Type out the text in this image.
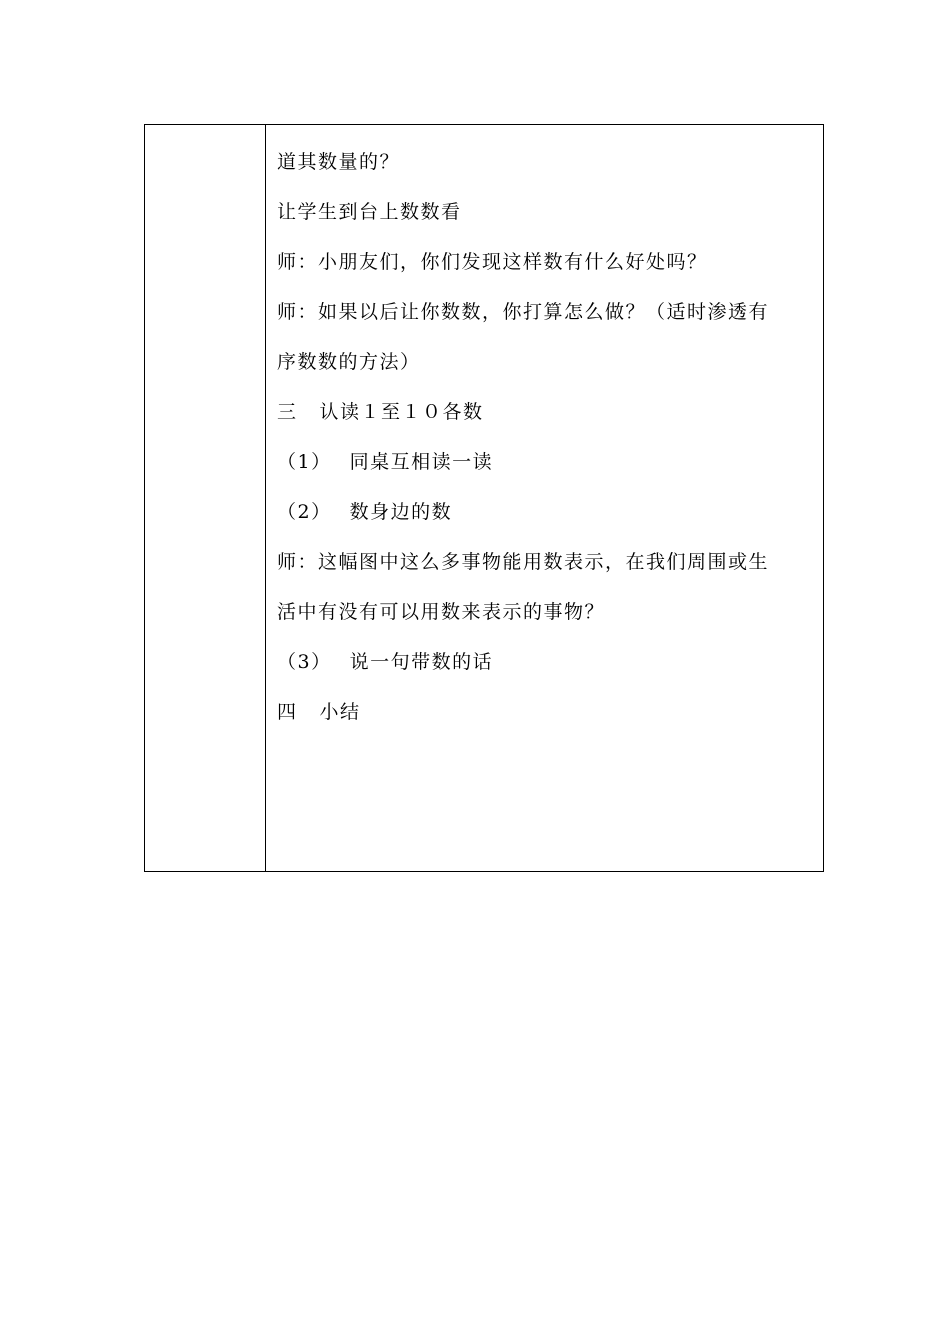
道其数量的？
让学生到台上数数看
师：小朋友们，你们发现这样数有什么好处吗？
师：如果以后让你数数，你打算怎么做？（适时渗透有
序数数的方法）
三 认读１至１０各数
（1） 同桌互相读一读
（2） 数身边的数
师：这幅图中这么多事物能用数表示，在我们周围或生
活中有没有可以用数来表示的事物？
（3） 说一句带数的话
四 小结
